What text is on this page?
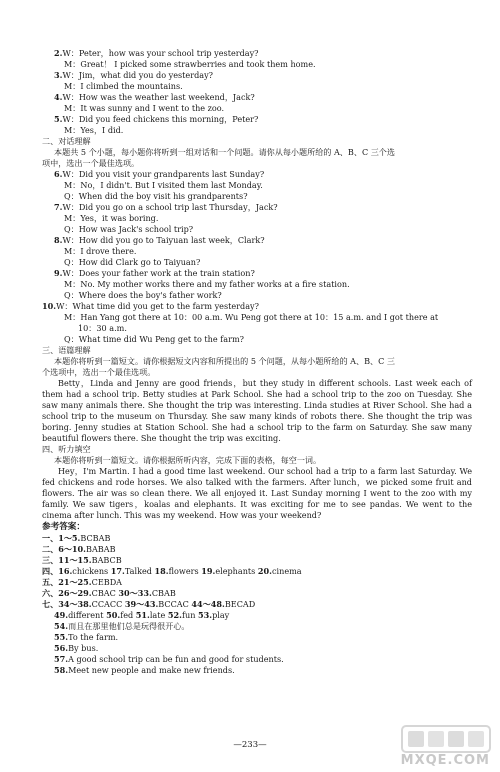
2.W：Peter，how was your school trip yesterday?
M：Great！ I picked some strawberries and took them home.
3.W：Jim，what did you do yesterday?
M：I climbed the mountains.
4.W：How was the weather last weekend，Jack?
M：It was sunny and I went to the zoo.
5.W：Did you feed chickens this morning，Peter?
M：Yes，I did.
二、对话理解
本题共 5 个小题，每小题你将听到一组对话和一个问题。请你从每小题所给的 A、B、C 三个选
项中，选出一个最佳选项。
6.W：Did you visit your grandparents last Sunday?
M：No，I didn't. But I visited them last Monday.
Q：When did the boy visit his grandparents?
7.W：Did you go on a school trip last Thursday，Jack?
M：Yes，it was boring.
Q：How was Jack's school trip?
8.W：How did you go to Taiyuan last week，Clark?
M：I drove there.
Q：How did Clark go to Taiyuan?
9.W：Does your father work at the train station?
M：No. My mother works there and my father works at a fire station.
Q：Where does the boy's father work?
10.W：What time did you get to the farm yesterday?
M：Han Yang got there at 10：00 a.m. Wu Peng got there at 10：15 a.m. and I got there at
10：30 a.m.
Q：What time did Wu Peng get to the farm?
三、语篇理解
本题你将听到一篇短文。请你根据短文内容和所提出的 5 个问题，从每小题所给的 A、B、C 三
个选项中，选出一个最佳选项。

Betty，Linda and Jenny are good friends，but they study in different schools. Last week each of them had a school trip. Betty studies at Park School. She had a school trip to the zoo on Tuesday. She saw many animals there. She thought the trip was interesting. Linda studies at River School. She had a school trip to the museum on Thursday. She saw many kinds of robots there. She thought the trip was boring. Jenny studies at Station School. She had a school trip to the farm on Saturday. She saw many beautiful flowers there. She thought the trip was exciting.

四、听力填空
本题你将听到一篇短文。请你根据所听内容，完成下面的表格，每空一词。

Hey，I'm Martin. I had a good time last weekend. Our school had a trip to a farm last Saturday. We fed chickens and rode horses. We also talked with the farmers. After lunch，we picked some fruit and flowers. The air was so clean there. We all enjoyed it. Last Sunday morning I went to the zoo with my family. We saw tigers，koalas and elephants. It was exciting for me to see pandas. We went to the cinema after lunch. This was my weekend. How was your weekend?

参考答案：
一、1～5.BCBAB
二、6～10.BABAB
三、11～15.BABCB
四、16.chickens 17.Talked 18.flowers 19.elephants 20.cinema
五、21～25.CEBDA
六、26～29.CBAC 30～33.CBAB
七、34～38.CCACC 39～43.BCCAC 44～48.BECAD
49.different 50.fed 51.late 52.fun 53.play
54.而且在那里他们总是玩得很开心。
55.To the farm.
56.By bus.
57.A good school trip can be fun and good for students.
58.Meet new people and make new friends.
—233—
MXQE.COM
